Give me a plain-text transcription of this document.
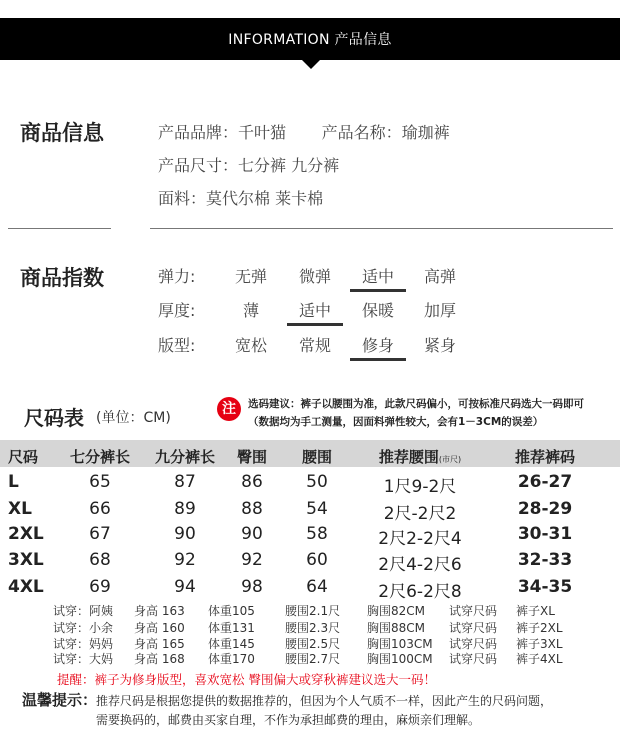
INFORMATION 产品信息
商品信息	产品品牌：千叶猫       产品名称：瑜珈裤
产品尺寸：七分裤 九分裤
面料：莫代尔棉 莱卡棉
商品指数	弹力:	无弹	微弹	适中	高弹
厚度:	薄	适中	保暖	加厚
版型:	宽松	常规	修身	紧身
尺码表 (单位：CM)
注	选码建议：裤子以腰围为准，此款尺码偏小，可按标准尺码选大一码即可
（数据均为手工测量，因面料弹性较大，会有1－3CM的误差）
尺码	七分裤长	九分裤长	臀围	腰围	推荐腰围(市尺)	推荐裤码
L	65	87	86	50	1尺9-2尺	26-27
XL	66	89	88	54	2尺-2尺2	28-29
2XL	67	90	90	58	2尺2-2尺4	30-31
3XL	68	92	92	60	2尺4-2尺6	32-33
4XL	69	94	98	64	2尺6-2尺8	34-35
试穿：阿姨 身高 163 体重105	腰围2.1尺 胸围82CM 试穿尺码 裤子XL
试穿：小余 身高 160 体重131	腰围2.3尺 胸围88CM 试穿尺码 裤子2XL
试穿：妈妈 身高 165 体重145	腰围2.5尺 胸围103CM 试穿尺码 裤子3XL
试穿：大妈 身高 168 体重170	腰围2.7尺 胸围100CM 试穿尺码 裤子4XL
提醒：裤子为修身版型，喜欢宽松 臀围偏大或穿秋裤建议选大一码！
温馨提示：
推荐尺码是根据您提供的数据推荐的，但因为个人气质不一样，因此产生的尺码问题，
需要换码的，邮费由买家自理，不作为承担邮费的理由，麻烦亲们理解。
